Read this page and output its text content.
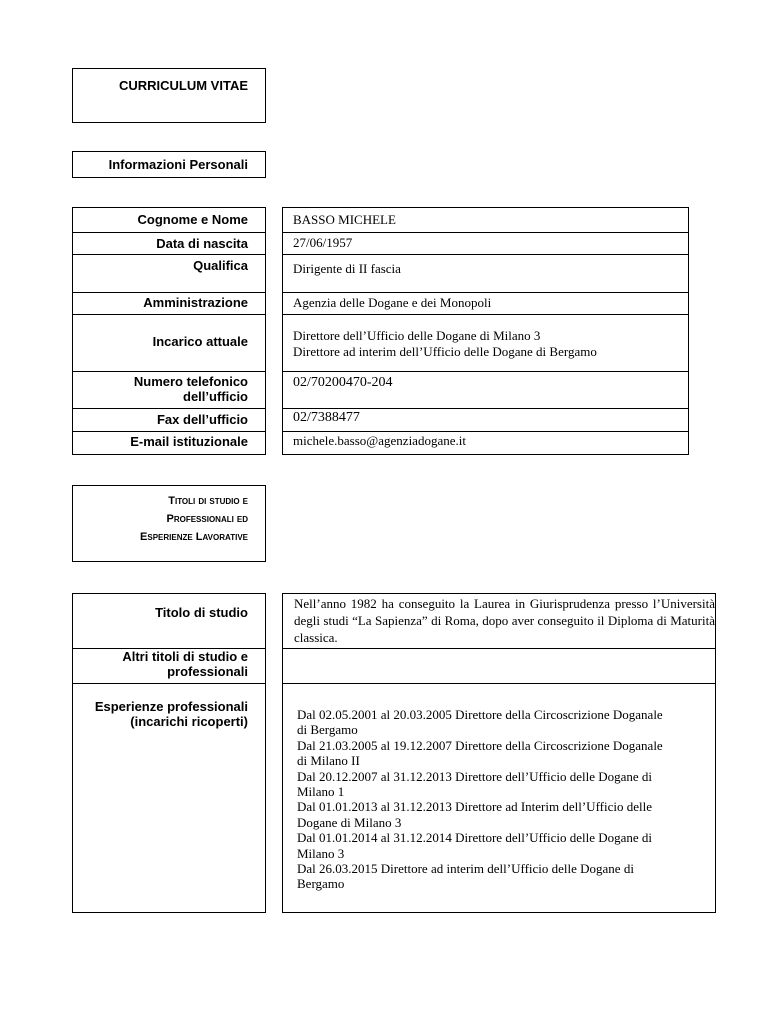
CURRICULUM VITAE
Informazioni Personali
Cognome e Nome
Data di nascita
Qualifica
Amministrazione
Incarico attuale
Numero telefonico
dell’ufficio
Fax dell’ufficio
E-mail istituzionale
BASSO MICHELE
27/06/1957
Dirigente di II fascia
Agenzia delle Dogane e dei Monopoli
Direttore dell’Ufficio delle Dogane di Milano 3
Direttore ad interim dell’Ufficio delle Dogane di Bergamo
02/70200470-204
02/7388477
michele.basso@agenziadogane.it
Titoli di studio e
Professionali ed
Esperienze Lavorative
Titolo di studio
Altri titoli di studio e
professionali
Esperienze professionali
(incarichi ricoperti)
Nell’anno 1982 ha conseguito la Laurea in Giurisprudenza presso l’Università degli studi “La Sapienza” di Roma, dopo aver conseguito il Diploma di Maturità classica.
Dal 02.05.2001 al 20.03.2005 Direttore della Circoscrizione Doganale
di Bergamo
Dal 21.03.2005 al 19.12.2007 Direttore della Circoscrizione Doganale
di Milano II
Dal 20.12.2007 al 31.12.2013 Direttore dell’Ufficio delle Dogane di
Milano 1
Dal 01.01.2013 al 31.12.2013 Direttore ad Interim dell’Ufficio delle
Dogane di Milano 3
Dal 01.01.2014 al 31.12.2014 Direttore dell’Ufficio delle Dogane di
Milano 3
Dal 26.03.2015 Direttore ad interim dell’Ufficio delle Dogane di
Bergamo
